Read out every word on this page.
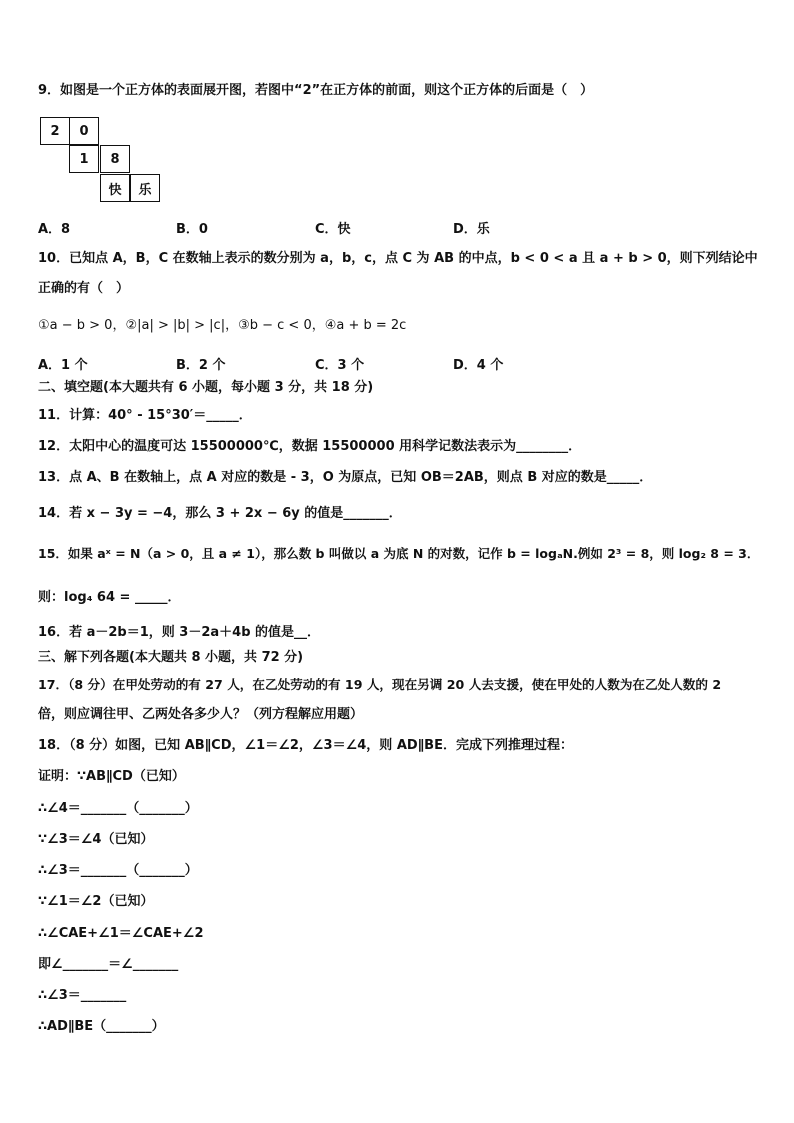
9．如图是一个正方体的表面展开图，若图中“2”在正方体的前面，则这个正方体的后面是（　）
2	0
1	8
快	乐
A．8	B．0	C．快	D．乐
10．已知点 A，B，C 在数轴上表示的数分别为 a，b，c，点 C 为 AB 的中点，b < 0 < a 且 a + b > 0，则下列结论中
正确的有（　）
①a − b > 0，②|a| > |b| > |c|，③b − c < 0，④a + b = 2c
A．1 个	B．2 个	C．3 个	D．4 个
二、填空题(本大题共有 6 小题，每小题 3 分，共 18 分)
11．计算：40° - 15°30′＝_____．
12．太阳中心的温度可达 15500000℃，数据 15500000 用科学记数法表示为________．
13．点 A、B 在数轴上，点 A 对应的数是 - 3，O 为原点，已知 OB＝2AB，则点 B 对应的数是_____．
14．若 x − 3y = −4，那么 3 + 2x − 6y 的值是_______．
15．如果 aˣ = N（a > 0，且 a ≠ 1），那么数 b 叫做以 a 为底 N 的对数，记作 b = logₐN.例如 2³ = 8，则 log₂ 8 = 3．
则：log₄ 64 = _____．
16．若 a－2b＝1，则 3－2a＋4b 的值是__．
三、解下列各题(本大题共 8 小题，共 72 分)
17．（8 分）在甲处劳动的有 27 人，在乙处劳动的有 19 人，现在另调 20 人去支援，使在甲处的人数为在乙处人数的 2
倍，则应调往甲、乙两处各多少人？（列方程解应用题）
18．（8 分）如图，已知 AB∥CD，∠1＝∠2，∠3＝∠4，则 AD∥BE．完成下列推理过程：
证明：∵AB∥CD（已知）
∴∠4＝_______（_______）
∵∠3＝∠4（已知）
∴∠3＝_______（_______）
∵∠1＝∠2（已知）
∴∠CAE+∠1＝∠CAE+∠2
即∠_______＝∠_______
∴∠3＝_______
∴AD∥BE（_______）
